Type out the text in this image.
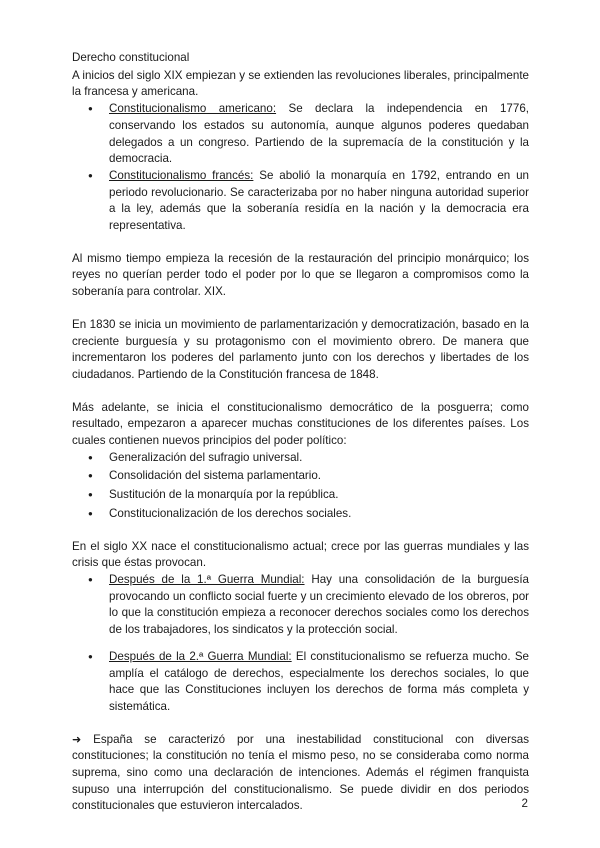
Derecho constitucional

A inicios del siglo XIX empiezan y se extienden las revoluciones liberales, principalmente la francesa y americana.

● Constitucionalismo americano: Se declara la independencia en 1776, conservando los estados su autonomía, aunque algunos poderes quedaban delegados a un congreso. Partiendo de la supremacía de la constitución y la democracia.
● Constitucionalismo francés: Se abolió la monarquía en 1792, entrando en un periodo revolucionario. Se caracterizaba por no haber ninguna autoridad superior a la ley, además que la soberanía residía en la nación y la democracia era representativa.

Al mismo tiempo empieza la recesión de la restauración del principio monárquico; los reyes no querían perder todo el poder por lo que se llegaron a compromisos como la soberanía para controlar. XIX.

En 1830 se inicia un movimiento de parlamentarización y democratización, basado en la creciente burguesía y su protagonismo con el movimiento obrero. De manera que incrementaron los poderes del parlamento junto con los derechos y libertades de los ciudadanos. Partiendo de la Constitución francesa de 1848.

Más adelante, se inicia el constitucionalismo democrático de la posguerra; como resultado, empezaron a aparecer muchas constituciones de los diferentes países. Los cuales contienen nuevos principios del poder político:

● Generalización del sufragio universal.
● Consolidación del sistema parlamentario.
● Sustitución de la monarquía por la república.
● Constitucionalización de los derechos sociales.

En el siglo XX nace el constitucionalismo actual; crece por las guerras mundiales y las crisis que éstas provocan.

● Después de la 1.ª Guerra Mundial: Hay una consolidación de la burguesía provocando un conflicto social fuerte y un crecimiento elevado de los obreros, por lo que la constitución empieza a reconocer derechos sociales como los derechos de los trabajadores, los sindicatos y la protección social.
● Después de la 2.ª Guerra Mundial: El constitucionalismo se refuerza mucho. Se amplía el catálogo de derechos, especialmente los derechos sociales, lo que hace que las Constituciones incluyen los derechos de forma más completa y sistemática.

➜ España se caracterizó por una inestabilidad constitucional con diversas constituciones; la constitución no tenía el mismo peso, no se consideraba como norma suprema, sino como una declaración de intenciones. Además el régimen franquista supuso una interrupción del constitucionalismo. Se puede dividir en dos periodos constitucionales que estuvieron intercalados.	2
